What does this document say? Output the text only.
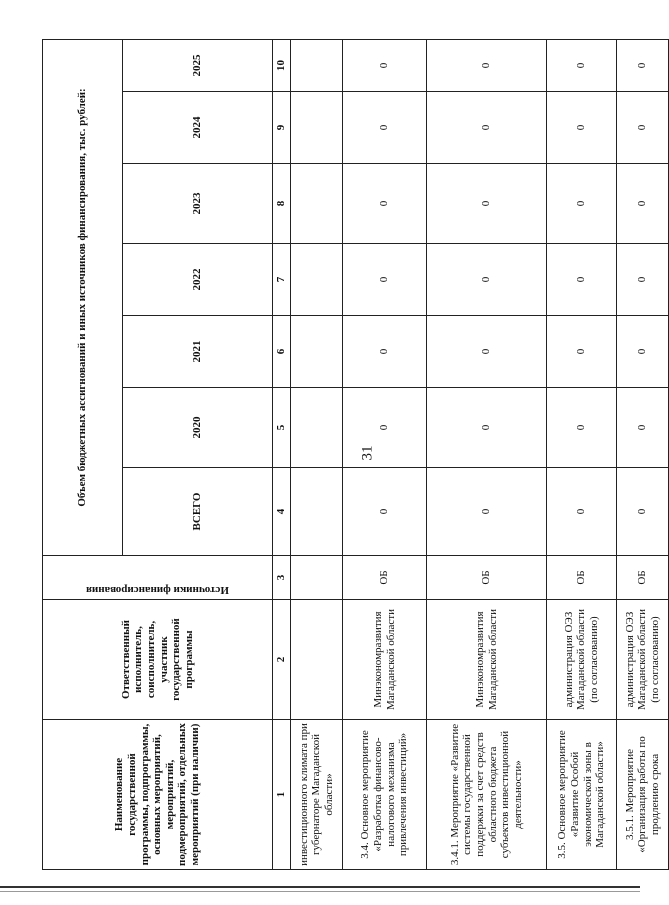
31
Наименование государственной программы, подпрограммы, основных мероприятий, мероприятий, подмероприятий, отдельных мероприятий (при наличии)	Ответственный исполнитель, соисполнитель, участник государственной программы	Источники финансирования	Объем бюджетных ассигнований и иных источников финансирования, тыс. рублей:						
			ВСЕГО	2020	2021	2022	2023	2024	2025
1	2	3	4	5	6	7	8	9	10
инвестиционного климата при губернаторе Магаданской области»									
3.4. Основное мероприятие «Разработка финансово-налогового механизма привлечения инвестиций»	Минэкономразвития Магаданской области	ОБ	0	0	0	0	0	0	0
3.4.1. Мероприятие «Развитие системы государственной поддержки за счет средств областного бюджета субъектов инвестиционной деятельности»	Минэкономразвития Магаданской области	ОБ	0	0	0	0	0	0	0
3.5. Основное мероприятие «Развитие Особой экономической зоны в Магаданской области»	администрация ОЭЗ Магаданской области (по согласованию)	ОБ	0	0	0	0	0	0	0
3.5.1. Мероприятие «Организация работы по продлению срока	администрация ОЭЗ Магаданской области (по согласованию)	ОБ	0	0	0	0	0	0	0
